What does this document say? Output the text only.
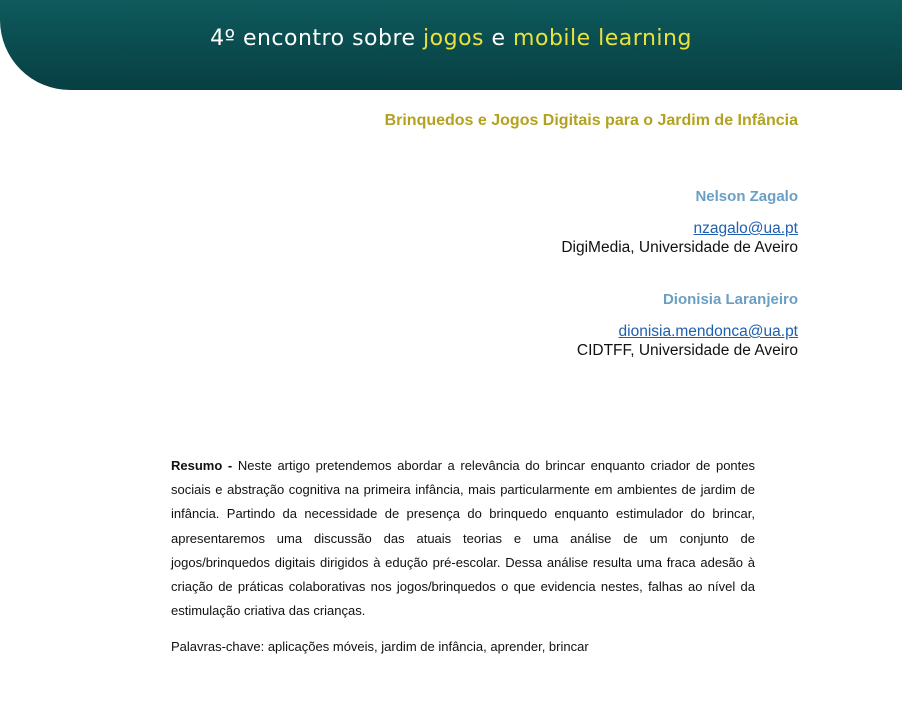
4º encontro sobre jogos e mobile learning
Brinquedos e Jogos Digitais para o Jardim de Infância
Nelson Zagalo
nzagalo@ua.pt
DigiMedia, Universidade de Aveiro
Dionisia Laranjeiro
dionisia.mendonca@ua.pt
CIDTFF, Universidade de Aveiro
Resumo - Neste artigo pretendemos abordar a relevância do brincar enquanto criador de pontes sociais e abstração cognitiva na primeira infância, mais particularmente em ambientes de jardim de infância. Partindo da necessidade de presença do brinquedo enquanto estimulador do brincar, apresentaremos uma discussão das atuais teorias e uma análise de um conjunto de jogos/brinquedos digitais dirigidos à edução pré-escolar. Dessa análise resulta uma fraca adesão à criação de práticas colaborativas nos jogos/brinquedos o que evidencia nestes, falhas ao nível da estimulação criativa das crianças.
Palavras-chave: aplicações móveis, jardim de infância, aprender, brincar
